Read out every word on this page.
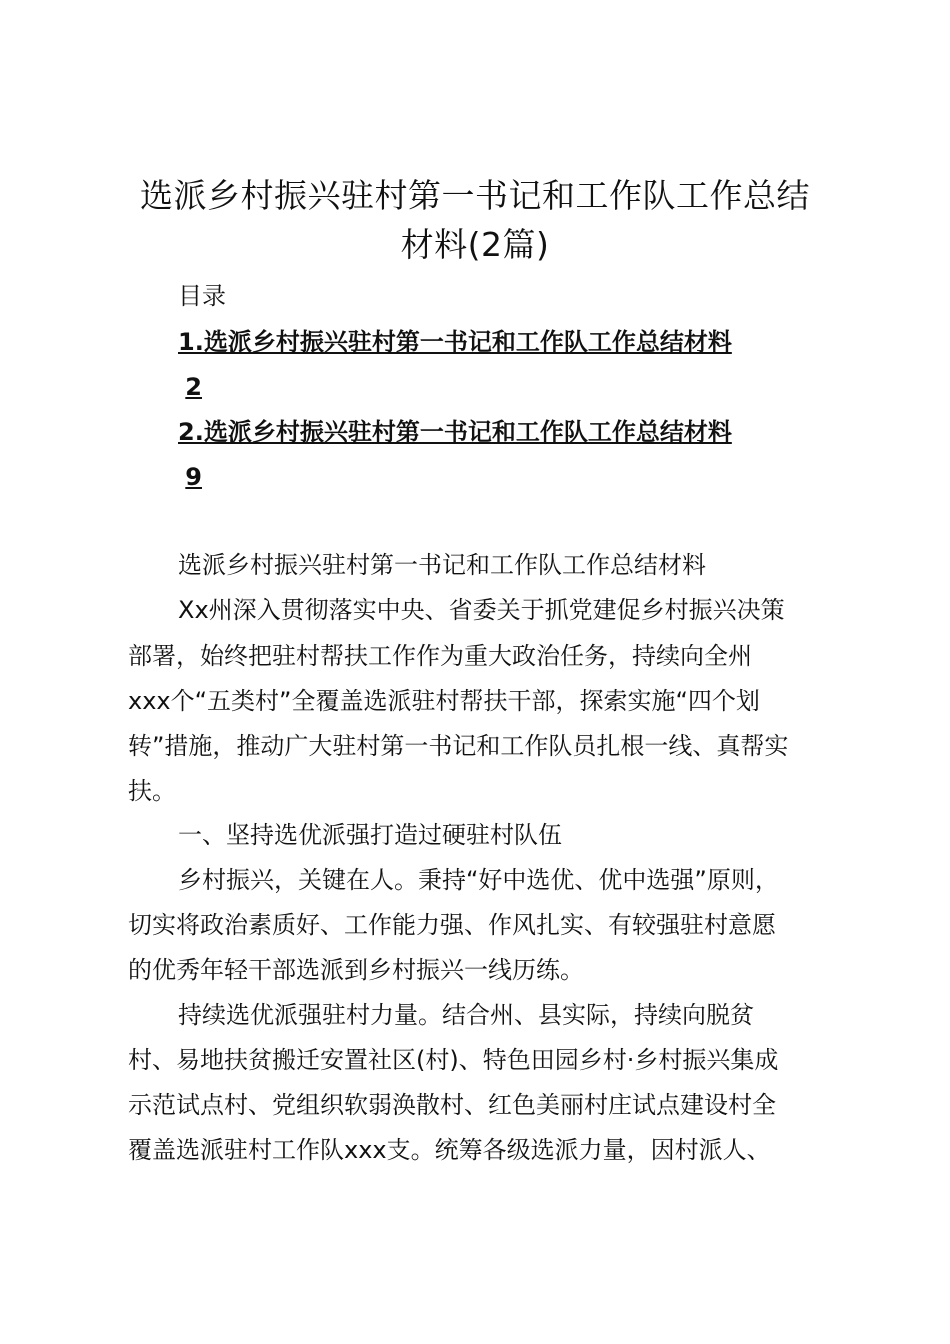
选派乡村振兴驻村第一书记和工作队工作总结
材料(2篇)
目录
1.选派乡村振兴驻村第一书记和工作队工作总结材料
2
2.选派乡村振兴驻村第一书记和工作队工作总结材料
9
选派乡村振兴驻村第一书记和工作队工作总结材料
Xx州深入贯彻落实中央、省委关于抓党建促乡村振兴决策
部署，始终把驻村帮扶工作作为重大政治任务，持续向全州
xxx个“五类村”全覆盖选派驻村帮扶干部，探索实施“四个划
转”措施，推动广大驻村第一书记和工作队员扎根一线、真帮实
扶。
一、坚持选优派强打造过硬驻村队伍
乡村振兴，关键在人。秉持“好中选优、优中选强”原则，
切实将政治素质好、工作能力强、作风扎实、有较强驻村意愿
的优秀年轻干部选派到乡村振兴一线历练。
持续选优派强驻村力量。结合州、县实际，持续向脱贫
村、易地扶贫搬迁安置社区(村)、特色田园乡村·乡村振兴集成
示范试点村、党组织软弱涣散村、红色美丽村庄试点建设村全
覆盖选派驻村工作队xxx支。统筹各级选派力量，因村派人、
